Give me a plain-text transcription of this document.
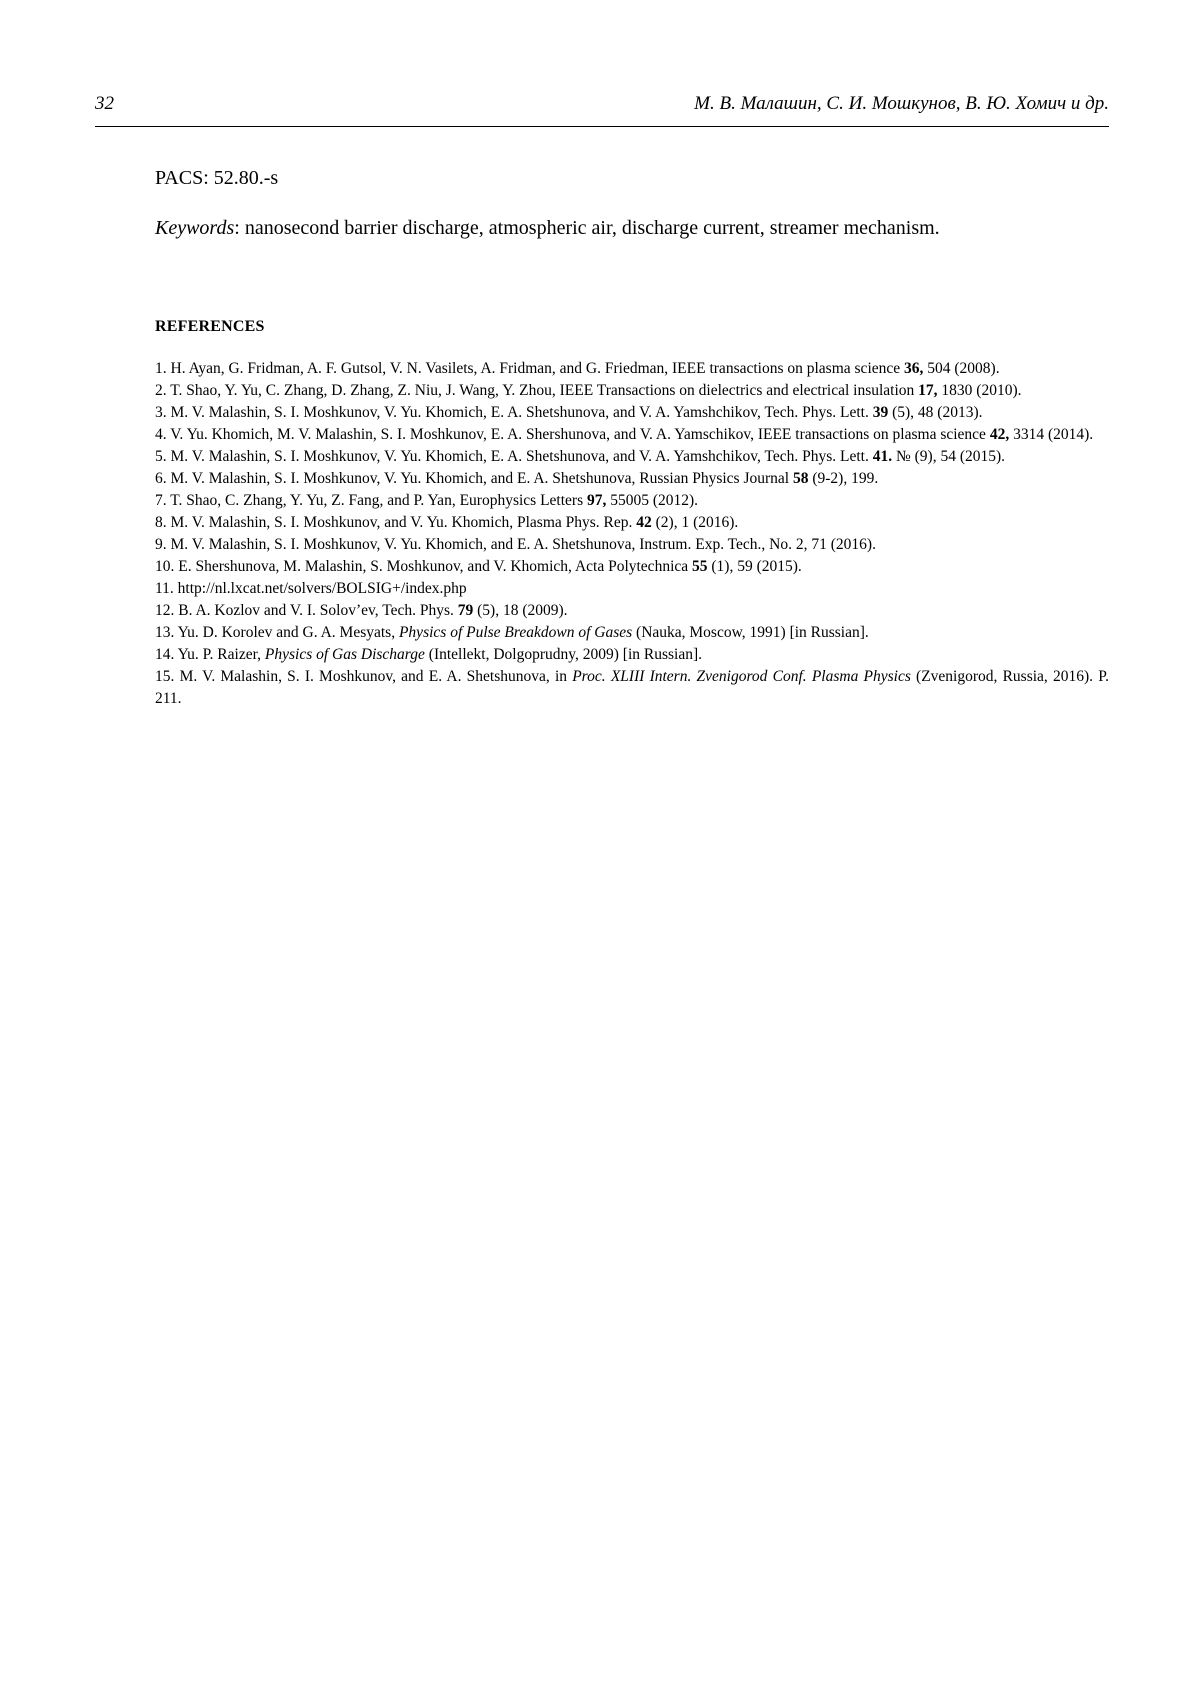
32	М. В. Малашин, С. И. Мошкунов, В. Ю. Хомич и др.
PACS: 52.80.-s
Keywords: nanosecond barrier discharge, atmospheric air, discharge current, streamer mechanism.
REFERENCES
1. H. Ayan, G. Fridman, A. F. Gutsol, V. N. Vasilets, A. Fridman, and G. Friedman, IEEE transactions on plasma science 36, 504 (2008).
2. T. Shao, Y. Yu, C. Zhang, D. Zhang, Z. Niu, J. Wang, Y. Zhou, IEEE Transactions on dielectrics and electrical insulation 17, 1830 (2010).
3. M. V. Malashin, S. I. Moshkunov, V. Yu. Khomich, E. A. Shetshunova, and V. A. Yamshchikov, Tech. Phys. Lett. 39 (5), 48 (2013).
4. V. Yu. Khomich, M. V. Malashin, S. I. Moshkunov, E. A. Shershunova, and V. A. Yamschikov, IEEE transactions on plasma science 42, 3314 (2014).
5. M. V. Malashin, S. I. Moshkunov, V. Yu. Khomich, E. A. Shetshunova, and V. A. Yamshchikov, Tech. Phys. Lett. 41. № (9), 54 (2015).
6. M. V. Malashin, S. I. Moshkunov, V. Yu. Khomich, and E. A. Shetshunova, Russian Physics Journal 58 (9-2), 199.
7. T. Shao, C. Zhang, Y. Yu, Z. Fang, and P. Yan, Europhysics Letters 97, 55005 (2012).
8. M. V. Malashin, S. I. Moshkunov, and V. Yu. Khomich, Plasma Phys. Rep. 42 (2), 1 (2016).
9. M. V. Malashin, S. I. Moshkunov, V. Yu. Khomich, and E. A. Shetshunova, Instrum. Exp. Tech., No. 2, 71 (2016).
10. E. Shershunova, M. Malashin, S. Moshkunov, and V. Khomich, Acta Polytechnica 55 (1), 59 (2015).
11. http://nl.lxcat.net/solvers/BOLSIG+/index.php
12. B. A. Kozlov and V. I. Solov’ev, Tech. Phys. 79 (5), 18 (2009).
13. Yu. D. Korolev and G. A. Mesyats, Physics of Pulse Breakdown of Gases (Nauka, Moscow, 1991) [in Russian].
14. Yu. P. Raizer, Physics of Gas Discharge (Intellekt, Dolgoprudny, 2009) [in Russian].
15. M. V. Malashin, S. I. Moshkunov, and E. A. Shetshunova, in Proc. XLIII Intern. Zvenigorod Conf. Plasma Physics (Zvenigorod, Russia, 2016). P. 211.
